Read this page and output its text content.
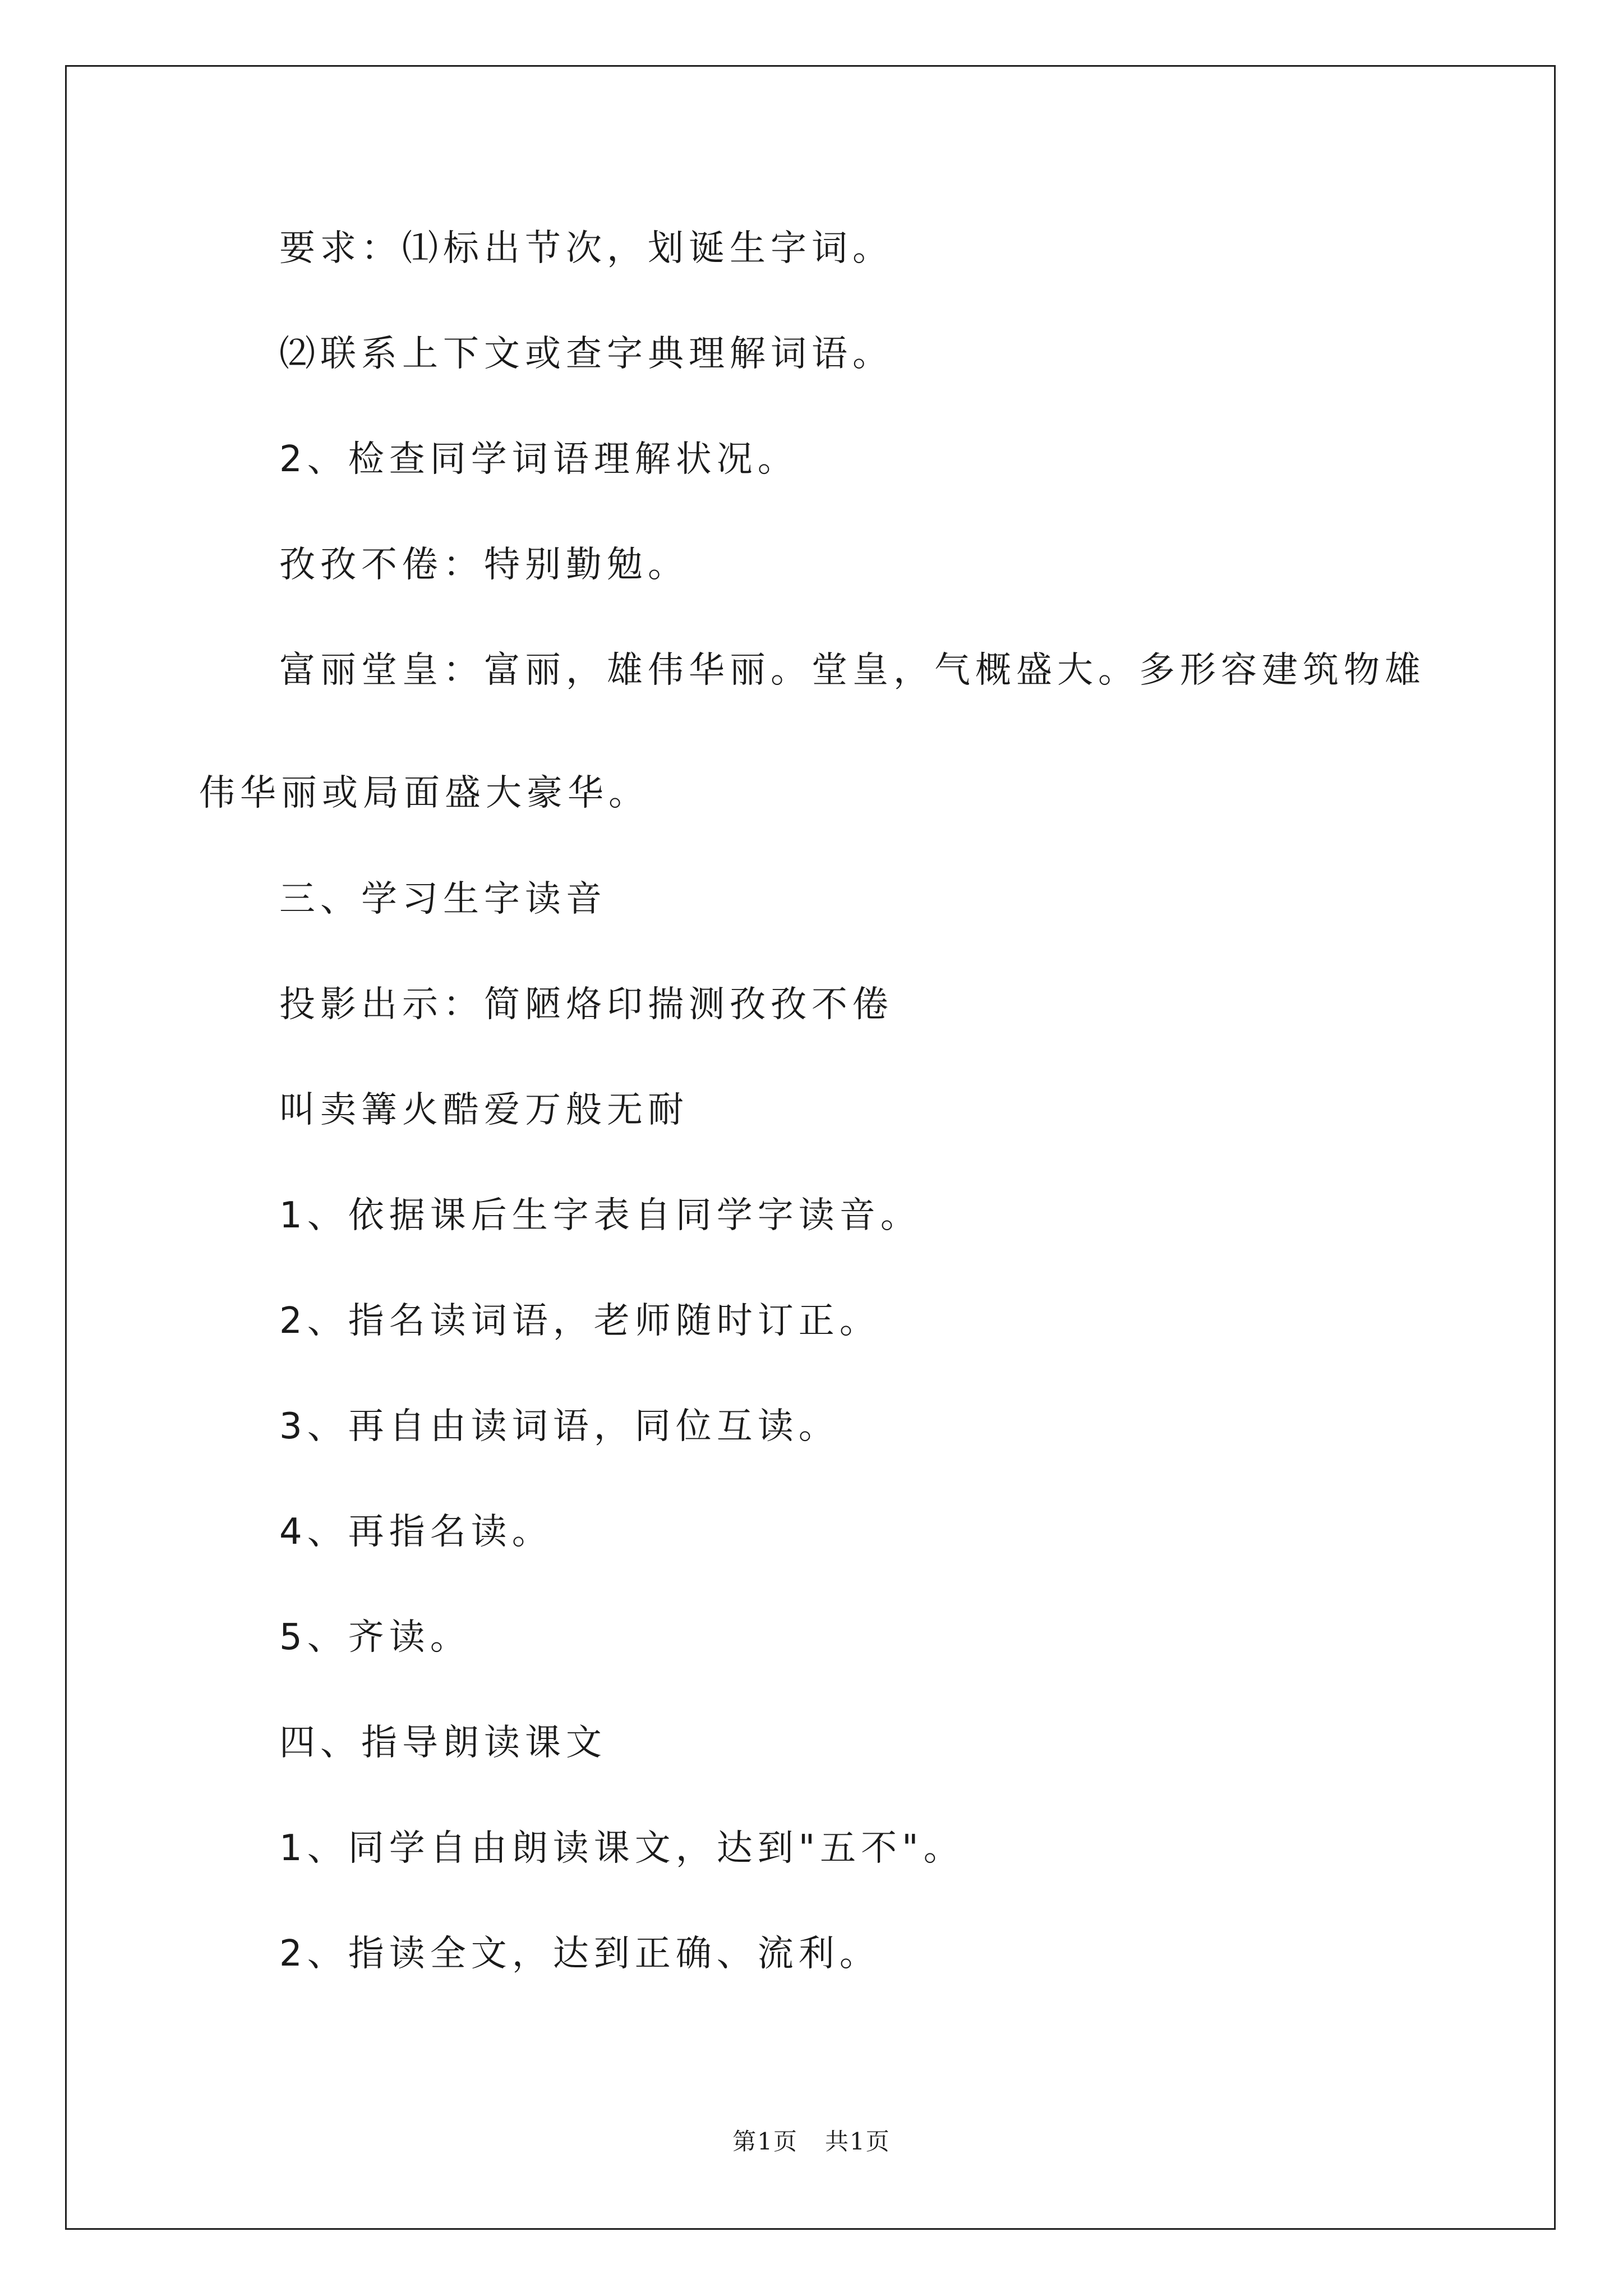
要求：⑴标出节次，划诞生字词。

⑵联系上下文或查字典理解词语。

2、检查同学词语理解状况。

孜孜不倦：特别勤勉。

富丽堂皇：富丽，雄伟华丽。堂皇，气概盛大。多形容建筑物雄伟华丽或局面盛大豪华。

三、学习生字读音

投影出示：简陋烙印揣测孜孜不倦

叫卖篝火酷爱万般无耐

1、依据课后生字表自同学字读音。

2、指名读词语，老师随时订正。

3、再自由读词语，同位互读。

4、再指名读。

5、齐读。

四、指导朗读课文

1、同学自由朗读课文，达到"五不"。

2、指读全文，达到正确、流利。

第1页 共1页
